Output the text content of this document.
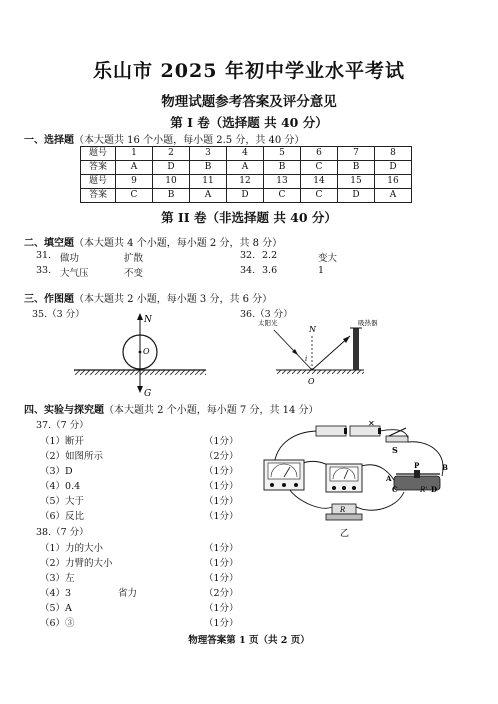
乐山市 2025 年初中学业水平考试
物理试题参考答案及评分意见
第 I 卷（选择题 共 40 分）
一、选择题（本大题共 16 个小题，每小题 2.5 分，共 40 分）
题号	1	2	3	4	5	6	7	8
答案	A	D	B	A	B	C	B	D
题号	9	10	11	12	13	14	15	16
答案	C	B	A	D	C	C	D	A
第 II 卷（非选择题 共 40 分）
二、填空题（本大题共 4 个小题，每小题 2 分，共 8 分）
31. 做功	扩散	32. 2.2	变大
33. 大气压	不变	34. 3.6	1
三、作图题（本大题共 2 小题，每小题 3 分，共 6 分）
35.（3 分）	36.（3 分）
N
O
G
太阳光	吸热器
N
i
O
四、实验与探究题（本大题共 2 个小题，每小题 7 分，共 14 分）
37.（7 分）
（1）断开	（1分）
（2）如图所示	（2分）
（3）D	（1分）
（4）0.4	（1分）
（5）大于	（1分）
（6）反比	（1分）
38.（7 分）
（1）力的大小	（1分）
（2）力臂的大小	（1分）
（3）左	（1分）
（4）3	省力	（2分）
（5）A	（1分）
（6）③	（1分）
S
✕
R
P
A
B
C	R' D
乙
物理答案第 1 页（共 2 页）
